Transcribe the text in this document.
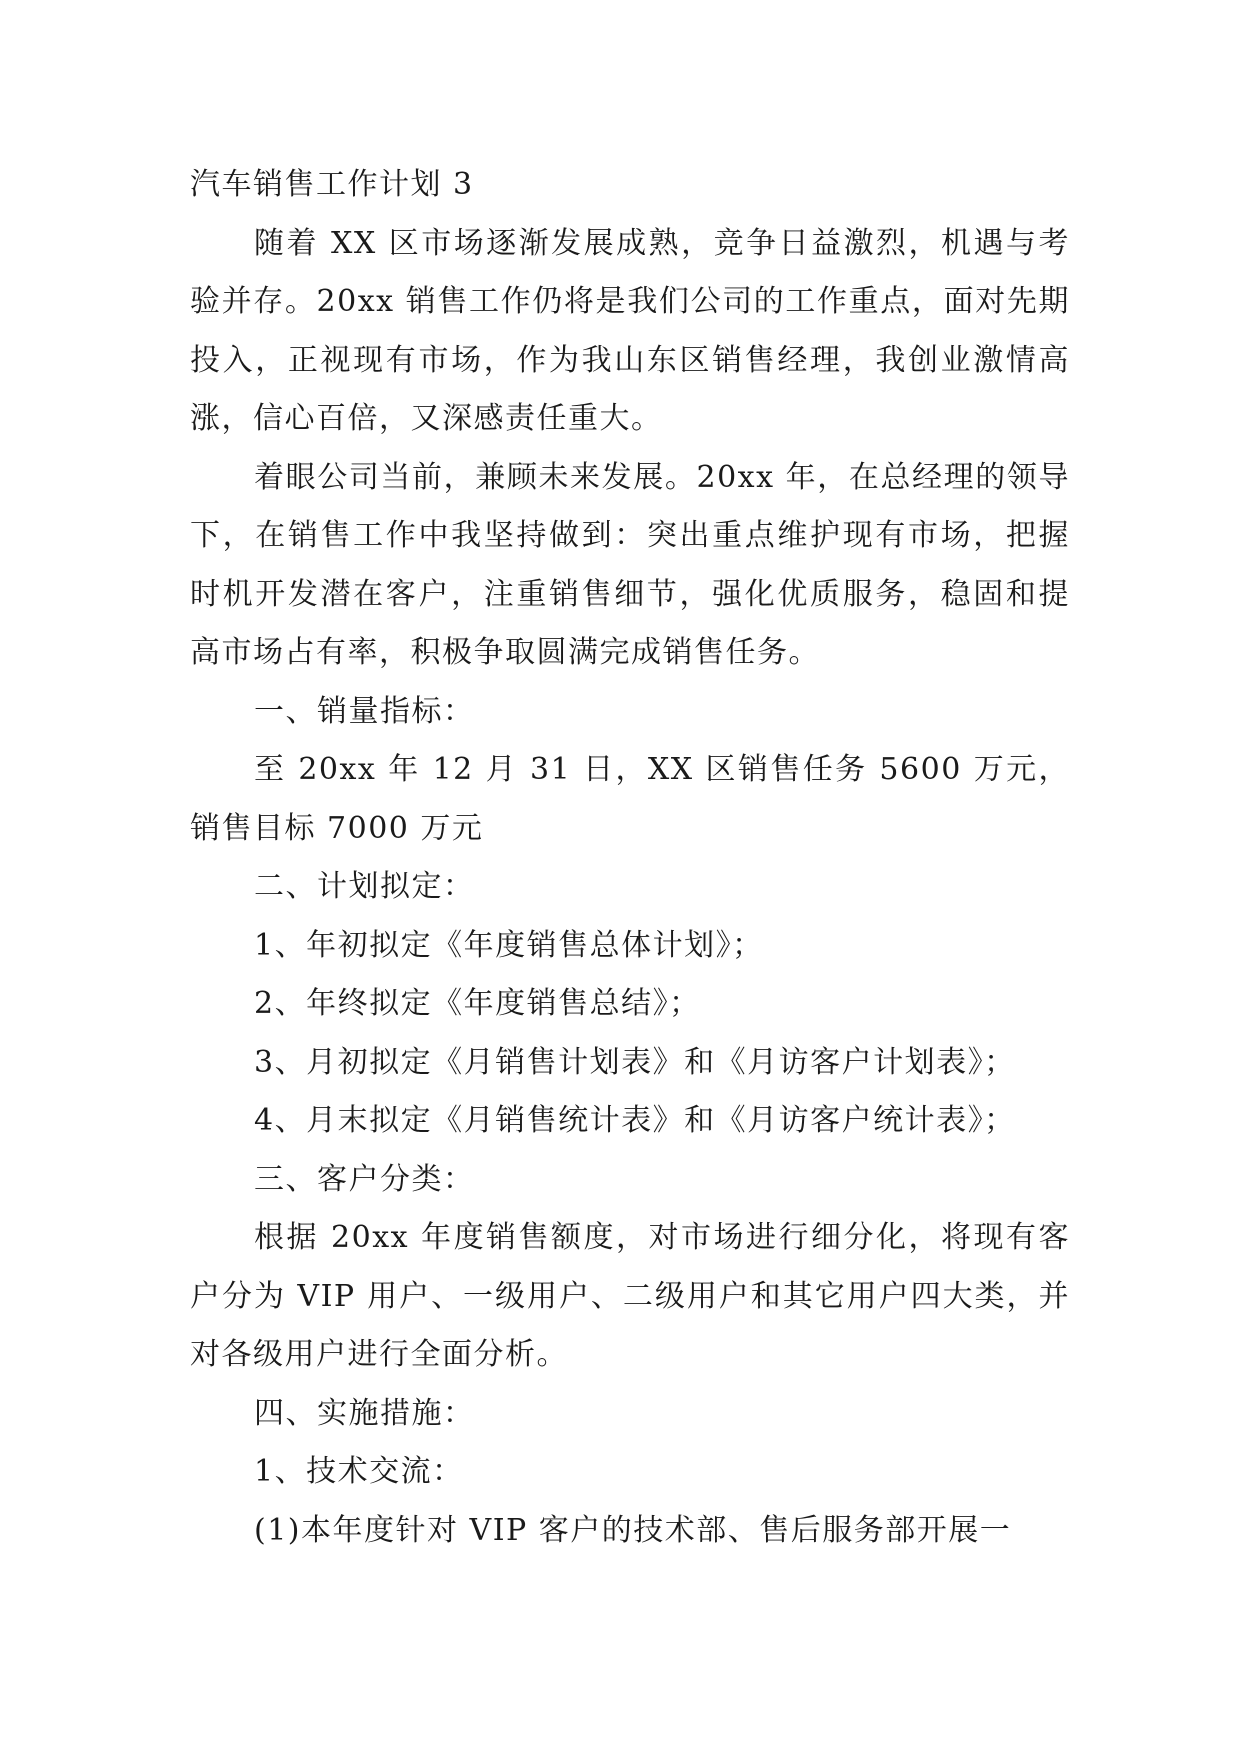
汽车销售工作计划 3

随着 XX 区市场逐渐发展成熟，竞争日益激烈，机遇与考验并存。20xx 销售工作仍将是我们公司的工作重点，面对先期投入，正视现有市场，作为我山东区销售经理，我创业激情高涨，信心百倍，又深感责任重大。

着眼公司当前，兼顾未来发展。20xx 年，在总经理的领导下，在销售工作中我坚持做到：突出重点维护现有市场，把握时机开发潜在客户，注重销售细节，强化优质服务，稳固和提高市场占有率，积极争取圆满完成销售任务。

一、销量指标：

至 20xx 年 12 月 31 日，XX 区销售任务 5600 万元，销售目标 7000 万元

二、计划拟定：

1、年初拟定《年度销售总体计划》；

2、年终拟定《年度销售总结》；

3、月初拟定《月销售计划表》和《月访客户计划表》；

4、月末拟定《月销售统计表》和《月访客户统计表》；

三、客户分类：

根据 20xx 年度销售额度，对市场进行细分化，将现有客户分为 VIP 用户、一级用户、二级用户和其它用户四大类，并对各级用户进行全面分析。

四、实施措施：

1、技术交流：

(1)本年度针对 VIP 客户的技术部、售后服务部开展一
